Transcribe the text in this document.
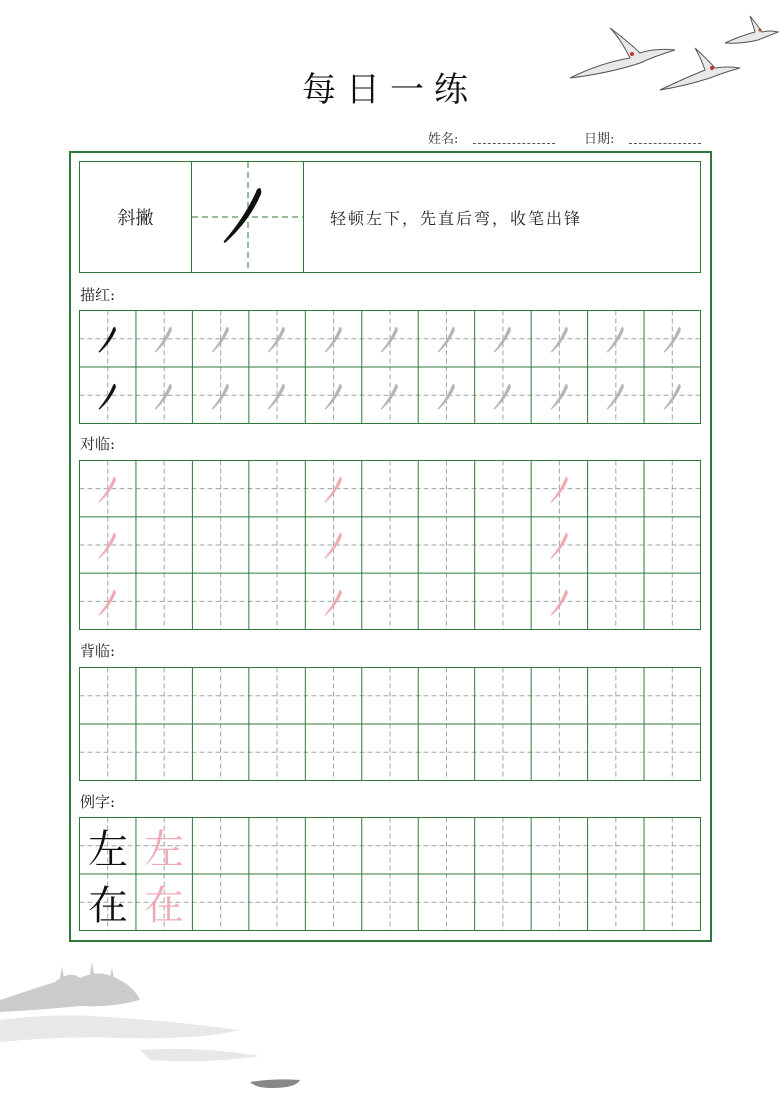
每日一练
姓名:	日期:
斜撇	轻顿左下，先直后弯，收笔出锋
描红:
对临:
背临:
例字:
左 左
在 在
